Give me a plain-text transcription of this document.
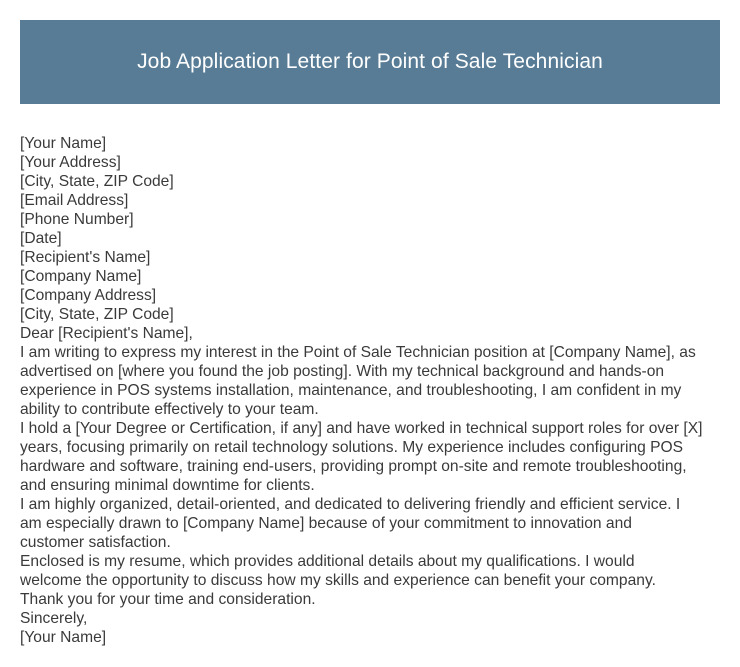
Job Application Letter for Point of Sale Technician
[Your Name]
[Your Address]
[City, State, ZIP Code]
[Email Address]
[Phone Number]
[Date]
[Recipient's Name]
[Company Name]
[Company Address]
[City, State, ZIP Code]
Dear [Recipient's Name],
I am writing to express my interest in the Point of Sale Technician position at [Company Name], as
advertised on [where you found the job posting]. With my technical background and hands-on
experience in POS systems installation, maintenance, and troubleshooting, I am confident in my
ability to contribute effectively to your team.
I hold a [Your Degree or Certification, if any] and have worked in technical support roles for over [X]
years, focusing primarily on retail technology solutions. My experience includes configuring POS
hardware and software, training end-users, providing prompt on-site and remote troubleshooting,
and ensuring minimal downtime for clients.
I am highly organized, detail-oriented, and dedicated to delivering friendly and efficient service. I
am especially drawn to [Company Name] because of your commitment to innovation and
customer satisfaction.
Enclosed is my resume, which provides additional details about my qualifications. I would
welcome the opportunity to discuss how my skills and experience can benefit your company.
Thank you for your time and consideration.
Sincerely,
[Your Name]
